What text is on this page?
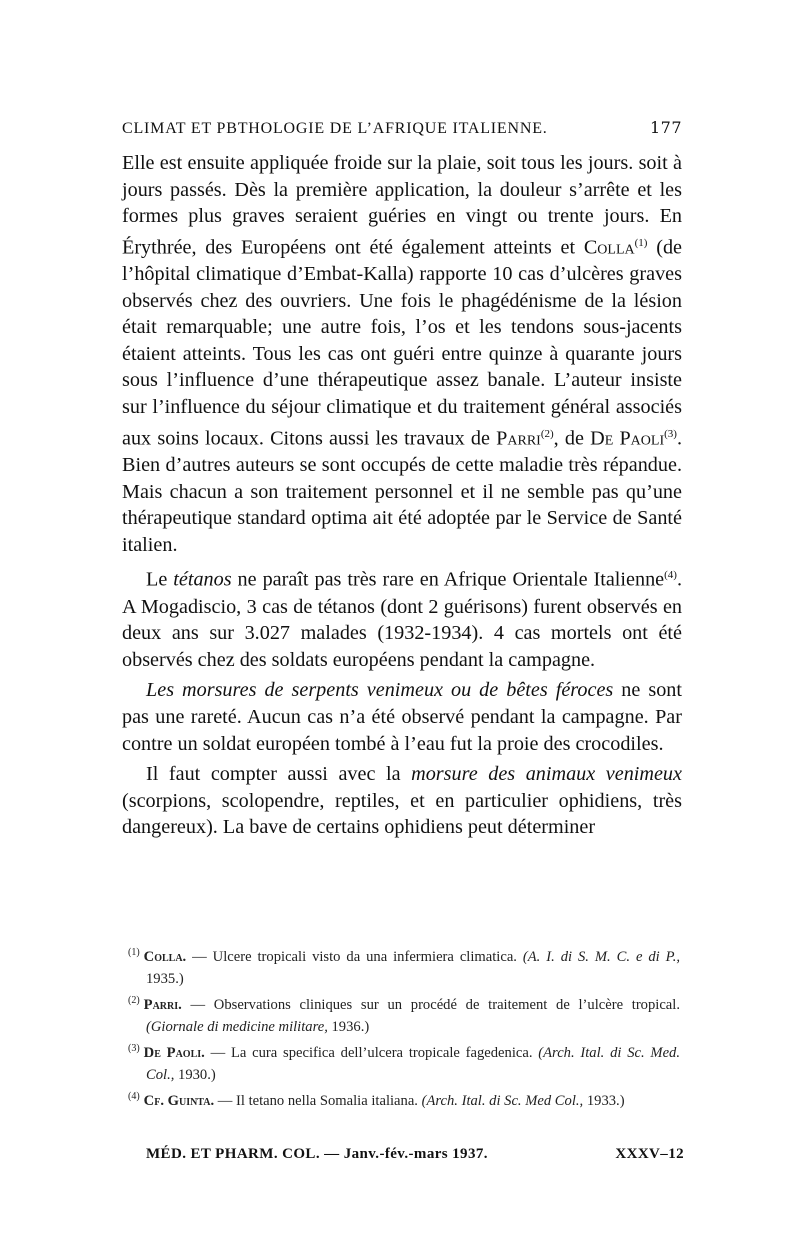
CLIMAT ET PBTHOLOGIE DE L’AFRIQUE ITALIENNE.	177

Elle est ensuite appliquée froide sur la plaie, soit tous les jours. soit à jours passés. Dès la première application, la douleur s’arrête et les formes plus graves seraient guéries en vingt ou trente jours. En Érythrée, des Européens ont été également atteints et Colla$^{(1)}$ (de l’hôpital climatique d’Embat-Kalla) rapporte 10 cas d’ulcères graves observés chez des ouvriers. Une fois le phagédénisme de la lésion était remarquable; une autre fois, l’os et les tendons sous-jacents étaient atteints. Tous les cas ont guéri entre quinze à quarante jours sous l’influence d’une thérapeutique assez banale. L’auteur insiste sur l’influence du séjour climatique et du traitement général associés aux soins locaux. Citons aussi les travaux de Parri$^{(2)}$, de De Paoli$^{(3)}$. Bien d’autres auteurs se sont occupés de cette maladie très répandue. Mais chacun a son traitement personnel et il ne semble pas qu’une thérapeutique standard optima ait été adoptée par le Service de Santé italien.

Le tétanos ne paraît pas très rare en Afrique Orientale Italienne$^{(4)}$. A Mogadiscio, 3 cas de tétanos (dont 2 guérisons) furent observés en deux ans sur 3.027 malades (1932-1934). 4 cas mortels ont été observés chez des soldats européens pendant la campagne.

Les morsures de serpents venimeux ou de bêtes féroces ne sont pas une rareté. Aucun cas n’a été observé pendant la campagne. Par contre un soldat européen tombé à l’eau fut la proie des crocodiles.

Il faut compter aussi avec la morsure des animaux venimeux (scorpions, scolopendre, reptiles, et en particulier ophidiens, très dangereux). La bave de certains ophidiens peut déterminer

$^{(1)}$ Colla. — Ulcere tropicali visto da una infermiera climatica. (A. I. di S. M. C. e di P., 1935.)
$^{(2)}$ Parri. — Observations cliniques sur un procédé de traitement de l’ulcère tropical. (Giornale di medicine militare, 1936.)
$^{(3)}$ De Paoli. — La cura specifica dell’ulcera tropicale fagedenica. (Arch. Ital. di Sc. Med. Col., 1930.)
$^{(4)}$ Cf. Guinta. — Il tetano nella Somalia italiana. (Arch. Ital. di Sc. Med Col., 1933.)
MÉD. ET PHARM. COL. — Janv.-fév.-mars 1937.	XXXV–12
